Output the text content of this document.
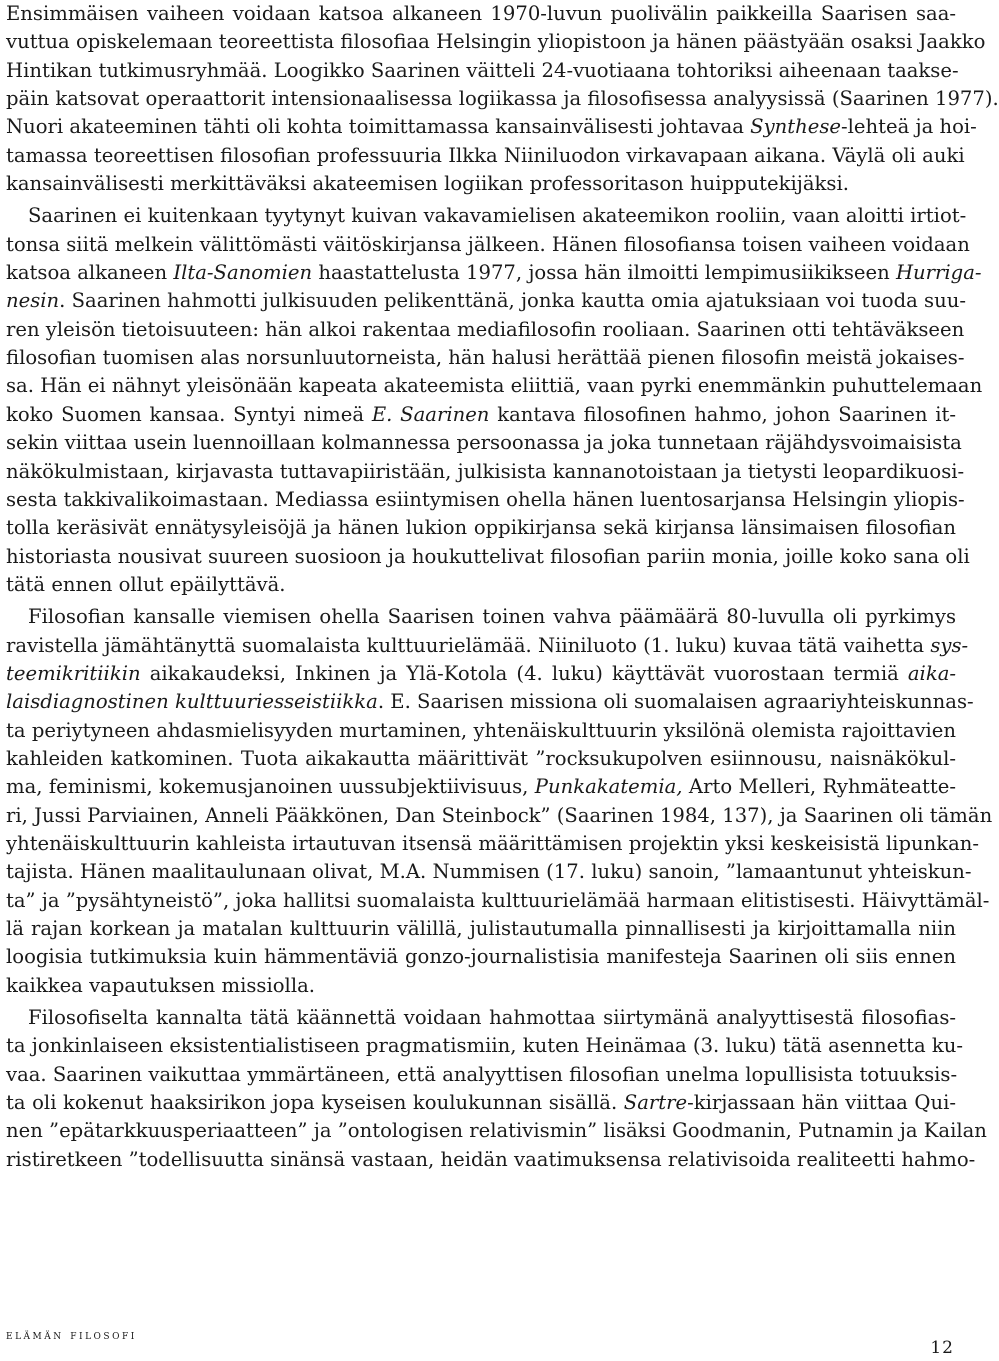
Ensimmäisen vaiheen voidaan katsoa alkaneen 1970-luvun puolivälin paikkeilla Saarisen saa-
vuttua opiskelemaan teoreettista filosofiaa Helsingin yliopistoon ja hänen päästyään osaksi Jaakko
Hintikan tutkimusryhmää. Loogikko Saarinen väitteli 24-vuotiaana tohtoriksi aiheenaan taakse-
päin katsovat operaattorit intensionaalisessa logiikassa ja filosofisessa analyysissä (Saarinen 1977).
Nuori akateeminen tähti oli kohta toimittamassa kansainvälisesti johtavaa Synthese-lehteä ja hoi-
tamassa teoreettisen filosofian professuuria Ilkka Niiniluodon virkavapaan aikana. Väylä oli auki
kansainvälisesti merkittäväksi akateemisen logiikan professoritason huipputekijäksi.
Saarinen ei kuitenkaan tyytynyt kuivan vakavamielisen akateemikon rooliin, vaan aloitti irtiot-
tonsa siitä melkein välittömästi väitöskirjansa jälkeen. Hänen filosofiansa toisen vaiheen voidaan
katsoa alkaneen Ilta-Sanomien haastattelusta 1977, jossa hän ilmoitti lempimusiikikseen Hurriga-
nesin. Saarinen hahmotti julkisuuden pelikenttänä, jonka kautta omia ajatuksiaan voi tuoda suu-
ren yleisön tietoisuuteen: hän alkoi rakentaa mediafilosofin rooliaan. Saarinen otti tehtäväkseen
filosofian tuomisen alas norsunluutorneista, hän halusi herättää pienen filosofin meistä jokaises-
sa. Hän ei nähnyt yleisönään kapeata akateemista eliittiä, vaan pyrki enemmänkin puhuttelemaan
koko Suomen kansaa. Syntyi nimeä E. Saarinen kantava filosofinen hahmo, johon Saarinen it-
sekin viittaa usein luennoillaan kolmannessa persoonassa ja joka tunnetaan räjähdysvoimaisista
näkökulmistaan, kirjavasta tuttavapiiristään, julkisista kannanotoistaan ja tietysti leopardikuosi-
sesta takkivalikoimastaan. Mediassa esiintymisen ohella hänen luentosarjansa Helsingin yliopis-
tolla keräsivät ennätysyleisöjä ja hänen lukion oppikirjansa sekä kirjansa länsimaisen filosofian
historiasta nousivat suureen suosioon ja houkuttelivat filosofian pariin monia, joille koko sana oli
tätä ennen ollut epäilyttävä.
Filosofian kansalle viemisen ohella Saarisen toinen vahva päämäärä 80-luvulla oli pyrkimys
ravistella jämähtänyttä suomalaista kulttuurielämää. Niiniluoto (1. luku) kuvaa tätä vaihetta sys-
teemikritiikin aikakaudeksi, Inkinen ja Ylä-Kotola (4. luku) käyttävät vuorostaan termiä aika-
laisdiagnostinen kulttuuriesseistiikka. E. Saarisen missiona oli suomalaisen agraariyhteiskunnas-
ta periytyneen ahdasmielisyyden murtaminen, yhtenäiskulttuurin yksilönä olemista rajoittavien
kahleiden katkominen. Tuota aikakautta määrittivät ”rocksukupolven esiinnousu, naisnäkökul-
ma, feminismi, kokemusjanoinen uussubjektiivisuus, Punkakatemia, Arto Melleri, Ryhmäteatte-
ri, Jussi Parviainen, Anneli Pääkkönen, Dan Steinbock” (Saarinen 1984, 137), ja Saarinen oli tämän
yhtenäiskulttuurin kahleista irtautuvan itsensä määrittämisen projektin yksi keskeisistä lipunkan-
tajista. Hänen maalitaulunaan olivat, M.A. Nummisen (17. luku) sanoin, ”lamaantunut yhteiskun-
ta” ja ”pysähtyneistö”, joka hallitsi suomalaista kulttuurielämää harmaan elitistisesti. Häivyttämäl-
lä rajan korkean ja matalan kulttuurin välillä, julistautumalla pinnallisesti ja kirjoittamalla niin
loogisia tutkimuksia kuin hämmentäviä gonzo-journalistisia manifesteja Saarinen oli siis ennen
kaikkea vapautuksen missiolla.
Filosofiselta kannalta tätä käännettä voidaan hahmottaa siirtymänä analyyttisestä filosofias-
ta jonkinlaiseen eksistentialistiseen pragmatismiin, kuten Heinämaa (3. luku) tätä asennetta ku-
vaa. Saarinen vaikuttaa ymmärtäneen, että analyyttisen filosofian unelma lopullisista totuuksis-
ta oli kokenut haaksirikon jopa kyseisen koulukunnan sisällä. Sartre-kirjassaan hän viittaa Qui-
nen ”epätarkkuusperiaatteen” ja ”ontologisen relativismin” lisäksi Goodmanin, Putnamin ja Kailan
ristiretkeen ”todellisuutta sinänsä vastaan, heidän vaatimuksensa relativisoida realiteetti hahmo-
elämän filosofi
12
